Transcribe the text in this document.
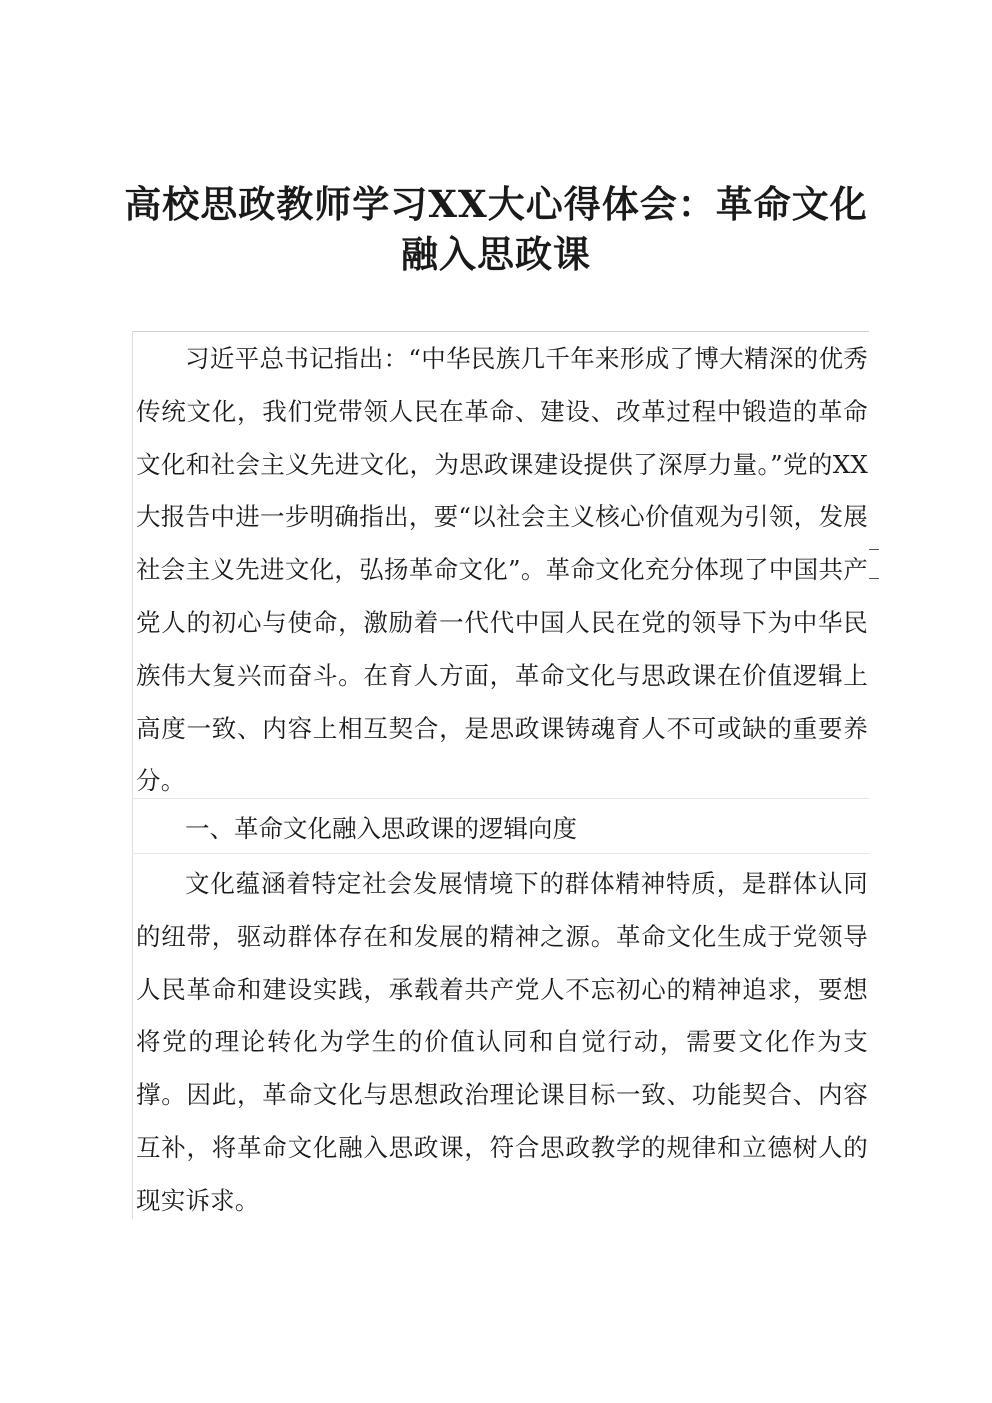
高校思政教师学习XX大心得体会：革命文化
融入思政课

习近平总书记指出：“中华民族几千年来形成了博大精深的优秀传统文化，我们党带领人民在革命、建设、改革过程中锻造的革命文化和社会主义先进文化，为思政课建设提供了深厚力量。”党的XX大报告中进一步明确指出，要“以社会主义核心价值观为引领，发展社会主义先进文化，弘扬革命文化”。革命文化充分体现了中国共产党人的初心与使命，激励着一代代中国人民在党的领导下为中华民族伟大复兴而奋斗。在育人方面，革命文化与思政课在价值逻辑上高度一致、内容上相互契合，是思政课铸魂育人不可或缺的重要养分。

一、革命文化融入思政课的逻辑向度

文化蕴涵着特定社会发展情境下的群体精神特质，是群体认同的纽带，驱动群体存在和发展的精神之源。革命文化生成于党领导人民革命和建设实践，承载着共产党人不忘初心的精神追求，要想将党的理论转化为学生的价值认同和自觉行动，需要文化作为支撑。因此，革命文化与思想政治理论课目标一致、功能契合、内容互补，将革命文化融入思政课，符合思政教学的规律和立德树人的现实诉求。
